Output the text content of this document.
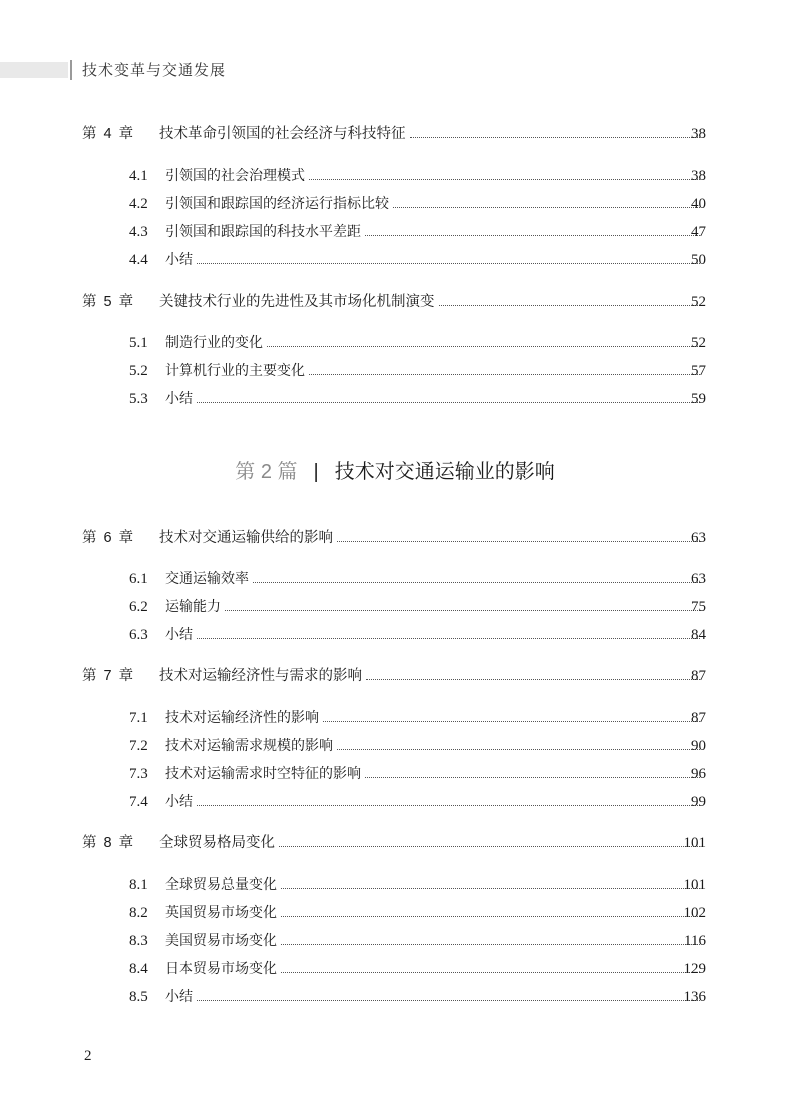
技术变革与交通发展
第 4 章 技术革命引领国的社会经济与科技特征	38
4.1 引领国的社会治理模式	38
4.2 引领国和跟踪国的经济运行指标比较	40
4.3 引领国和跟踪国的科技水平差距	47
4.4 小结	50
第 5 章 关键技术行业的先进性及其市场化机制演变	52
5.1 制造行业的变化	52
5.2 计算机行业的主要变化	57
5.3 小结	59
第 6 章 技术对交通运输供给的影响	63
6.1 交通运输效率	63
6.2 运输能力	75
6.3 小结	84
第 7 章 技术对运输经济性与需求的影响	87
7.1 技术对运输经济性的影响	87
7.2 技术对运输需求规模的影响	90
7.3 技术对运输需求时空特征的影响	96
7.4 小结	99
第 8 章 全球贸易格局变化	101
8.1 全球贸易总量变化	101
8.2 英国贸易市场变化	102
8.3 美国贸易市场变化	116
8.4 日本贸易市场变化	129
8.5 小结	136
第 2 篇 | 技术对交通运输业的影响
2
